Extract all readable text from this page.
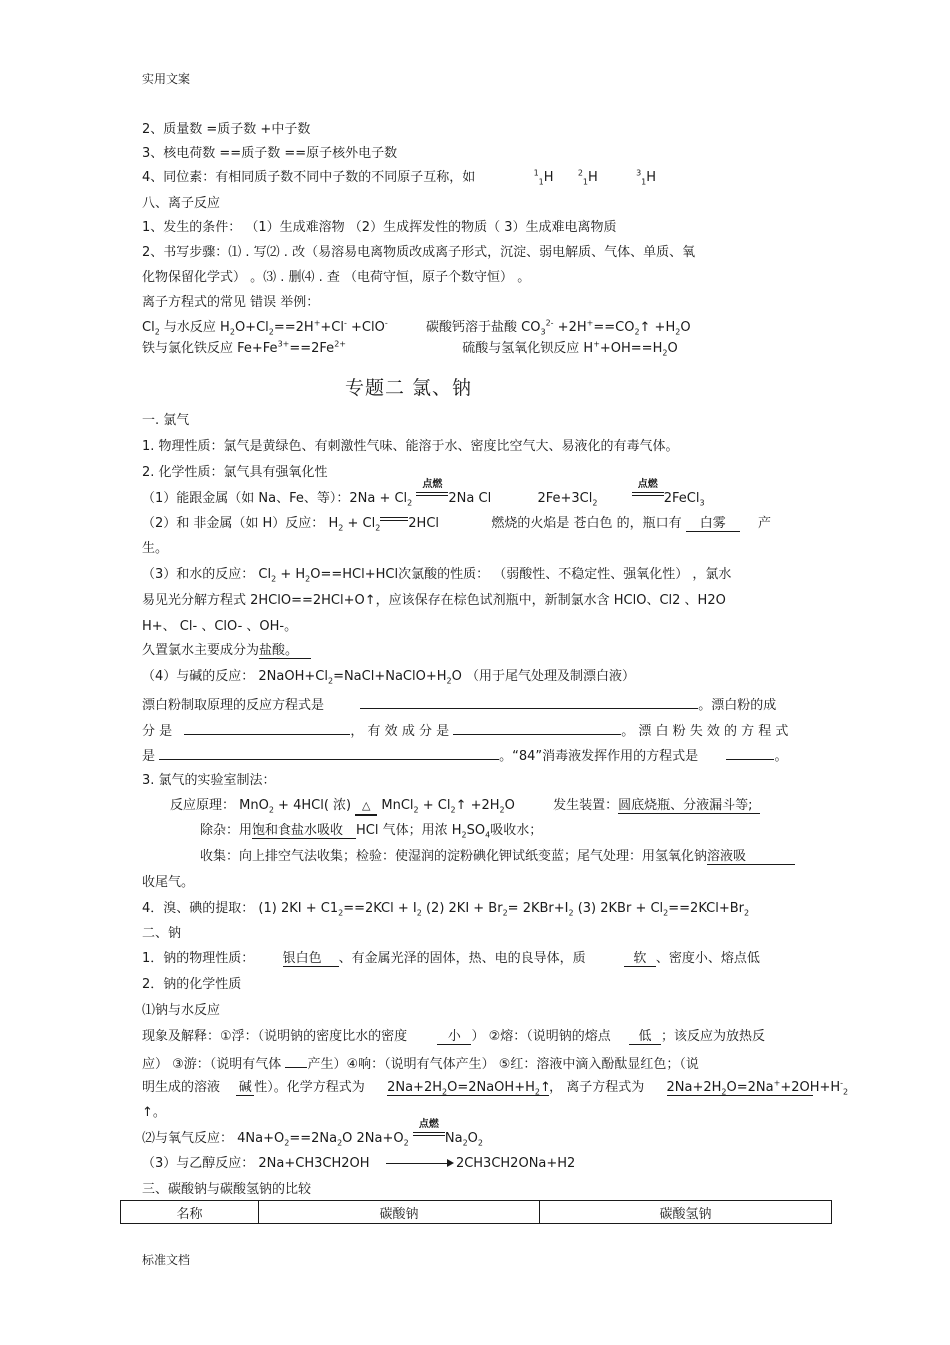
实用文案
2、质量数 =质子数 +中子数
3、核电荷数 ==质子数 ==原子核外电子数
4、同位素：有相同质子数不同中子数的不同原子互称，如	$^1_1$H	$^2_1$H	$^3_1$H
八、离子反应
1、发生的条件： （1）生成难溶物 （2）生成挥发性的物质（ 3）生成难电离物质
2、书写步骤：⑴ . 写⑵ . 改（易溶易电离物质改成离子形式，沉淀、弱电解质、气体、单质、氧
化物保留化学式） 。⑶ . 删⑷ . 查 （电荷守恒，原子个数守恒） 。
离子方程式的常见 错误 举例：
$Cl_2$ 与水反应 $H_2O+Cl_2==2H^++Cl^- +ClO^-$	碳酸钙溶于盐酸 $CO_3^{2-}$ $+2H^+==CO_2↑ +H_2O$
铁与氯化铁反应 $Fe+Fe^{3+}==2Fe^{2+}$	硫酸与氢氧化钡反应 $H^++OH==H_2O$
专题二 氯、钠
一. 氯气
1. 物理性质：氯气是黄绿色、有刺激性气味、能溶于水、密度比空气大、易液化的有毒气体。
2. 化学性质：氯气具有强氧化性
（1）能跟金属（如 Na、Fe、等）：$2Na + Cl_2$
点燃
2Na Cl	$2Fe+3Cl_2$
点燃
2FeCl$_3$
（2）和 非金属（如 H）反应： $H_2 + Cl_2$ 2HCl	燃烧的火焰是 苍白色 的，瓶口有 白雾 产
生。
（3）和水的反应： $Cl_2 + H_2O==HCl+HCl$次氯酸的性质： （弱酸性、不稳定性、强氧化性） ，氯水
易见光分解方程式 2HClO==2HCl+O↑，应该保存在棕色试剂瓶中，新制氯水含 HClO、Cl2 、H2O
H+、 Cl- 、ClO- 、OH-。
久置氯水主要成分为盐酸。
（4）与碱的反应： $2NaOH+Cl_2=NaCl+NaClO+H_2O$ （用于尾气处理及制漂白液）
漂白粉制取原理的反应方程式是	。漂白粉的成
分 是	， 有 效 成 分 是	。 漂 白 粉 失 效 的 方 程 式
是	。“84”消毒液发挥作用的方程式是	。
3. 氯气的实验室制法：
反应原理： MnO$_2$ + 4HCl( 浓) △ MnCl$_2$ + $Cl_2↑ +2H_2O$	发生装置：圆底烧瓶、分液漏斗等;
除杂：用饱和食盐水吸收 HCl 气体；用浓 $H_2SO_4$吸收水；
收集：向上排空气法收集；检验：使湿润的淀粉碘化钾试纸变蓝；尾气处理：用氢氧化钠溶液吸
收尾气。
4．溴、碘的提取： (1) $2KI + C1_2==2KCl + I_2$ (2) $2KI + Br_2= 2KBr+I_2$ (3) $2KBr + Cl_2==2KCl+Br_2$
二、钠
1．钠的物理性质： 银白色 、有金属光泽的固体，热、电的良导体，质	软 、密度小、熔点低
2．钠的化学性质
⑴钠与水反应
现象及解释：①浮：（说明钠的密度比水的密度	小 ） ②熔：（说明钠的熔点 低 ；该反应为放热反
应） ③游：（说明有气体 产生）④响：（说明有气体产生） ⑤红：溶液中滴入酚酞显红色；（说
明生成的溶液 碱 性）。化学方程式为 $2Na+2H_2O=2NaOH+H_2↑$， 离子方程式为 $2Na+2H_2O=2Na^++2OH+H^-_2$
↑。
⑵与氧气反应： $4Na+O_2==2Na_2O$ $2Na+O_2$
点燃
$Na_2O_2$
（3）与乙醇反应： 2Na+CH3CH2OH	2CH3CH2ONa+H2
三、碳酸钠与碳酸氢钠的比较
名称	碳酸钠	碳酸氢钠
标准文档
